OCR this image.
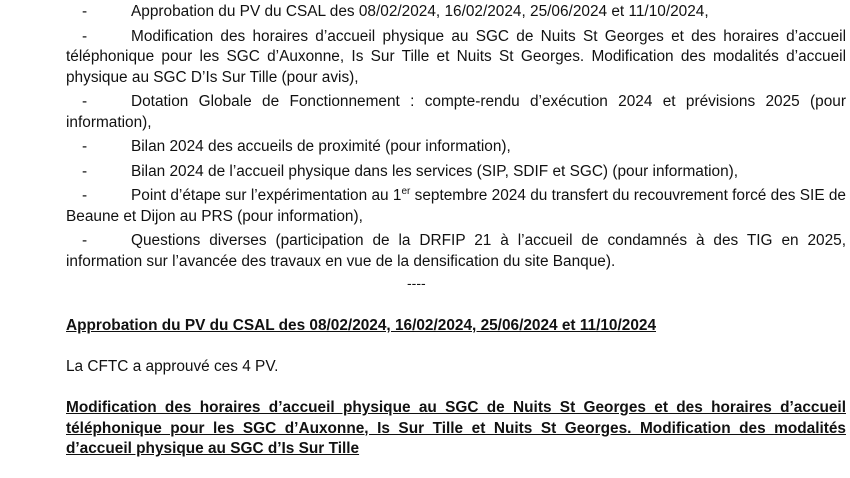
-	Approbation du PV du CSAL des 08/02/2024, 16/02/2024, 25/06/2024 et 11/10/2024,
-	Modification des horaires d’accueil physique au SGC de Nuits St Georges et des horaires d’accueil téléphonique pour les SGC d’Auxonne, Is Sur Tille et Nuits St Georges. Modification des modalités d’accueil physique au SGC D’Is Sur Tille (pour avis),
-	Dotation Globale de Fonctionnement : compte-rendu d’exécution 2024 et prévisions 2025 (pour information),
-	Bilan 2024 des accueils de proximité (pour information),
-	Bilan 2024 de l’accueil physique dans les services (SIP, SDIF et SGC) (pour information),
-	Point d’étape sur l’expérimentation au 1er septembre 2024 du transfert du recouvrement forcé des SIE de Beaune et Dijon au PRS (pour information),
-	Questions diverses (participation de la DRFIP 21 à l’accueil de condamnés à des TIG en 2025, information sur l’avancée des travaux en vue de la densification du site Banque).
----

Approbation du PV du CSAL des 08/02/2024, 16/02/2024, 25/06/2024 et 11/10/2024

La CFTC a approuvé ces 4 PV.

Modification des horaires d’accueil physique au SGC de Nuits St Georges et des horaires d’accueil téléphonique pour les SGC d’Auxonne, Is Sur Tille et Nuits St Georges. Modification des modalités d’accueil physique au SGC d’Is Sur Tille
